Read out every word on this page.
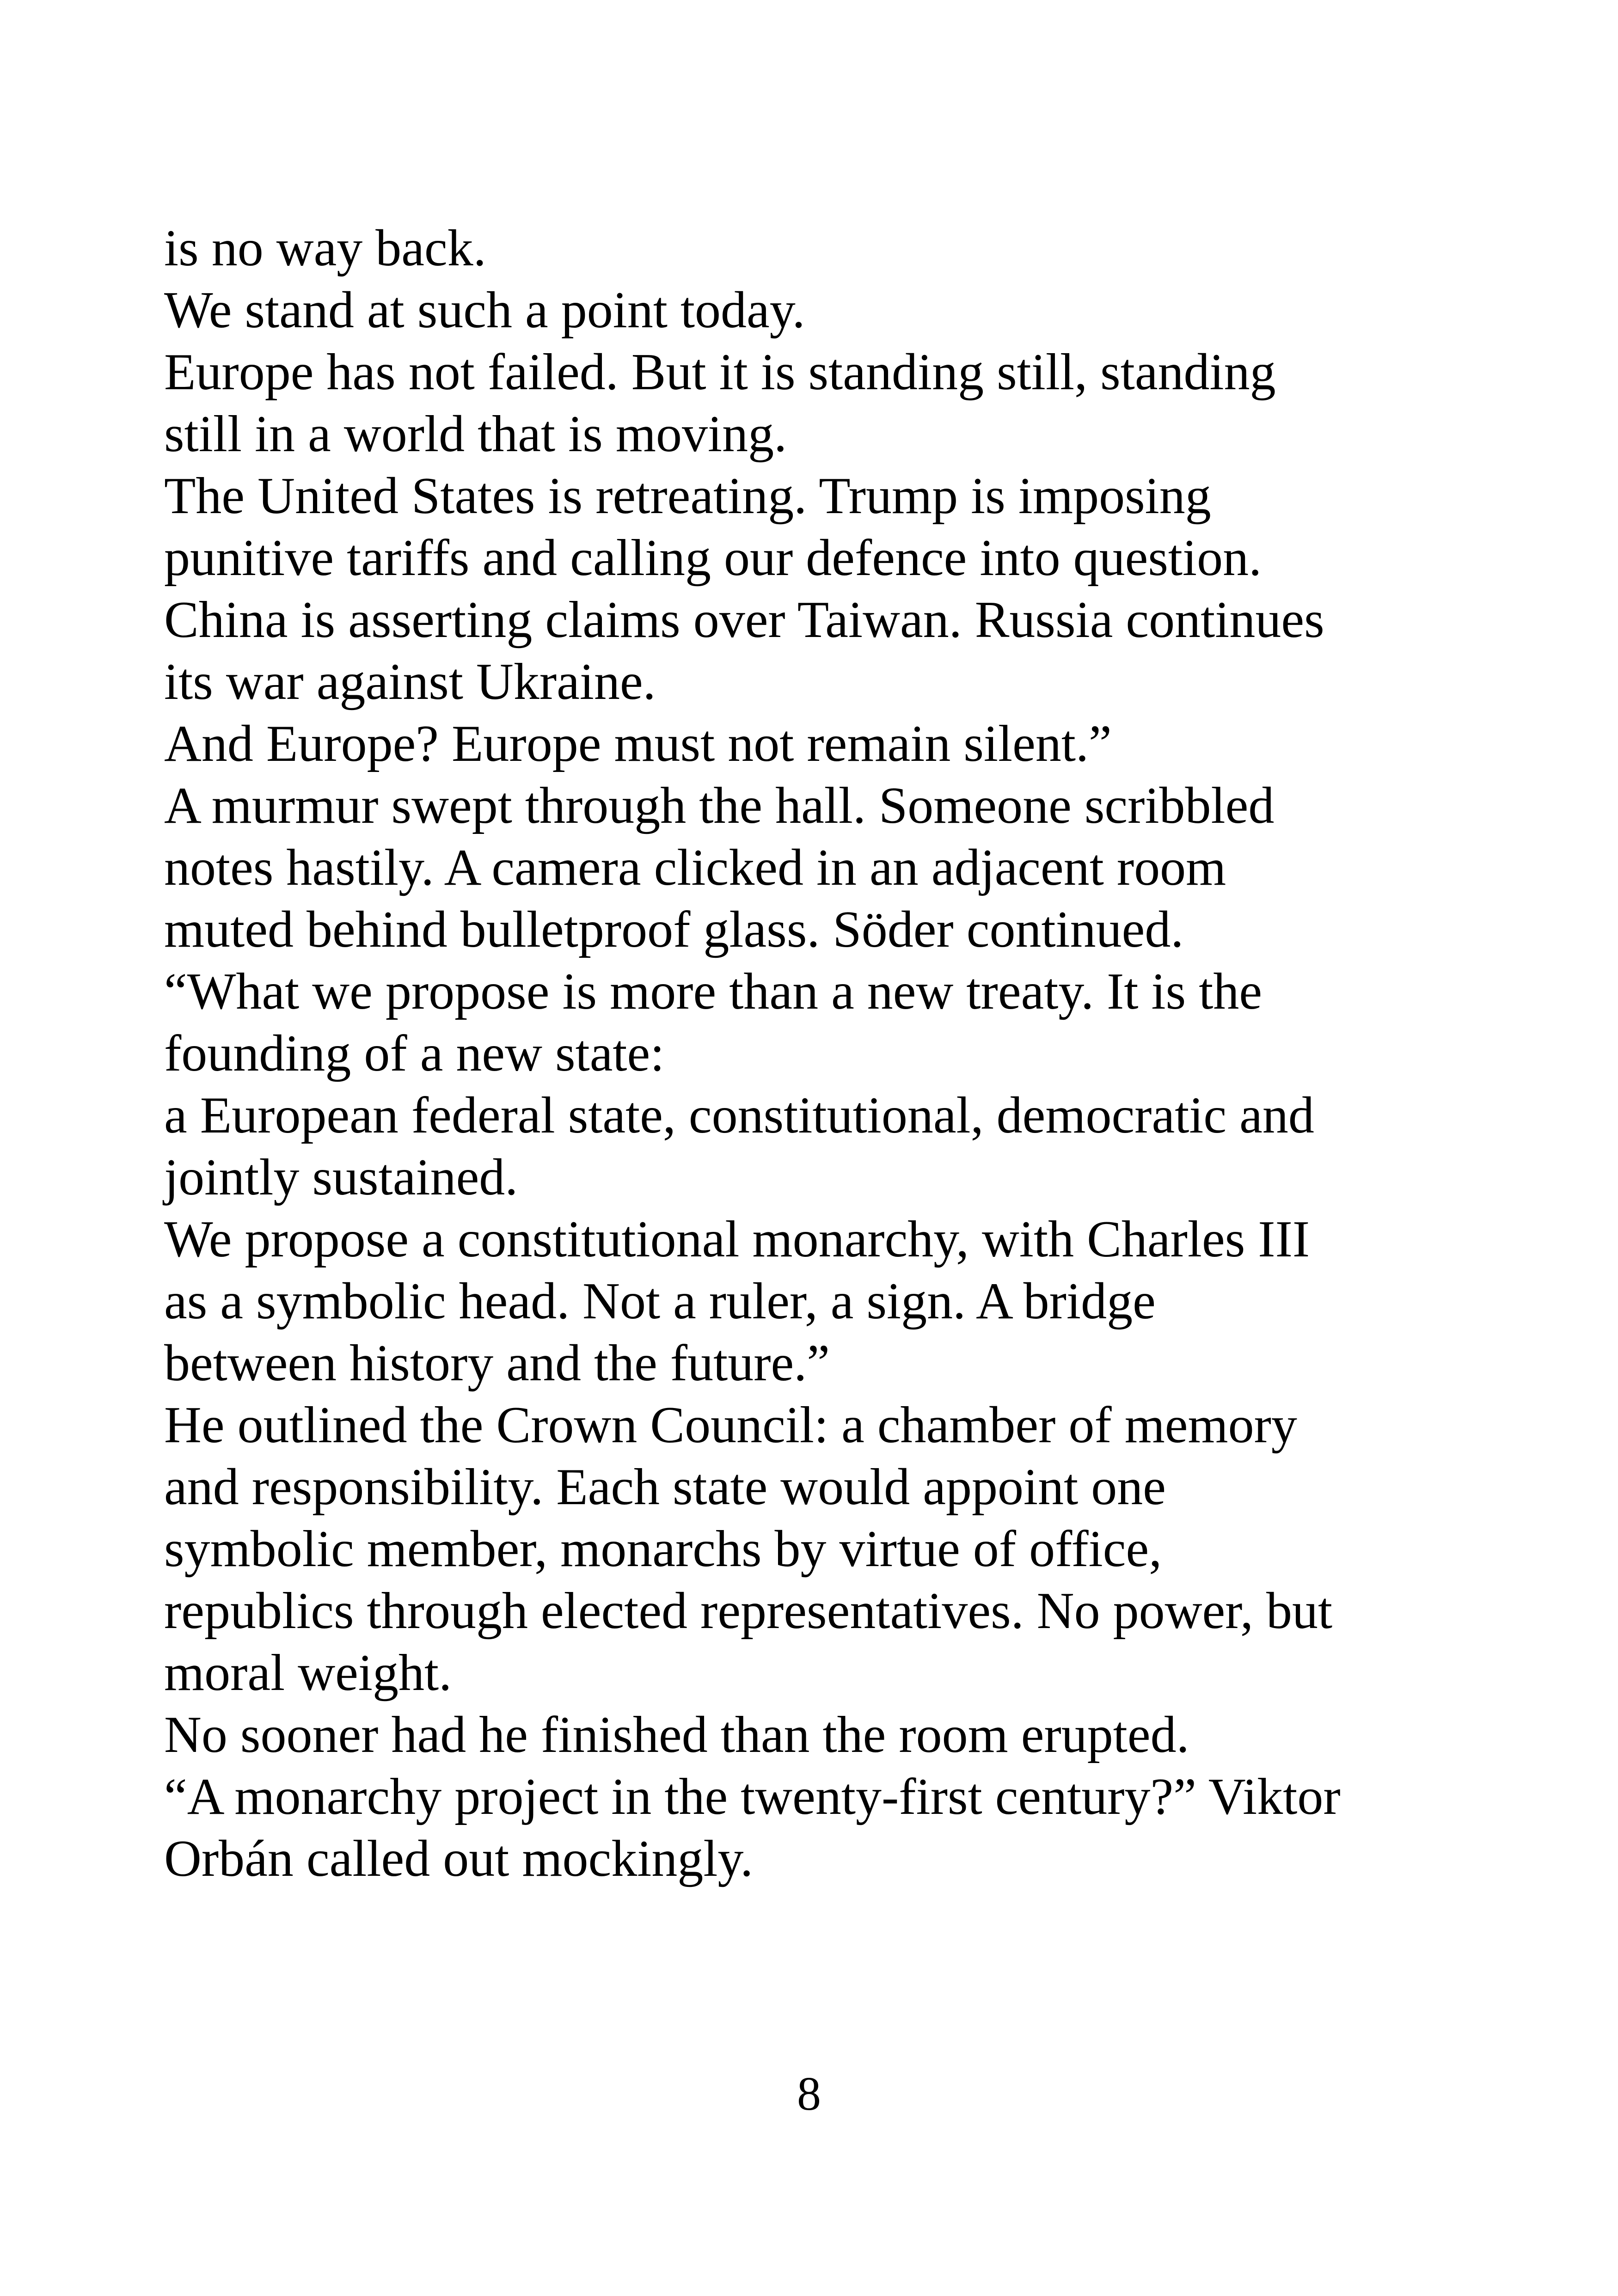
is no way back.
We stand at such a point today.
Europe has not failed. But it is standing still, standing
still in a world that is moving.
The United States is retreating. Trump is imposing
punitive tariffs and calling our defence into question.
China is asserting claims over Taiwan. Russia continues
its war against Ukraine.
And Europe? Europe must not remain silent.”
A murmur swept through the hall. Someone scribbled
notes hastily. A camera clicked in an adjacent room
muted behind bulletproof glass. Söder continued.
“What we propose is more than a new treaty. It is the
founding of a new state:
a European federal state, constitutional, democratic and
jointly sustained.
We propose a constitutional monarchy, with Charles III
as a symbolic head. Not a ruler, a sign. A bridge
between history and the future.”
He outlined the Crown Council: a chamber of memory
and responsibility. Each state would appoint one
symbolic member, monarchs by virtue of office,
republics through elected representatives. No power, but
moral weight.
No sooner had he finished than the room erupted.
“A monarchy project in the twenty-first century?” Viktor
Orbán called out mockingly.
8
